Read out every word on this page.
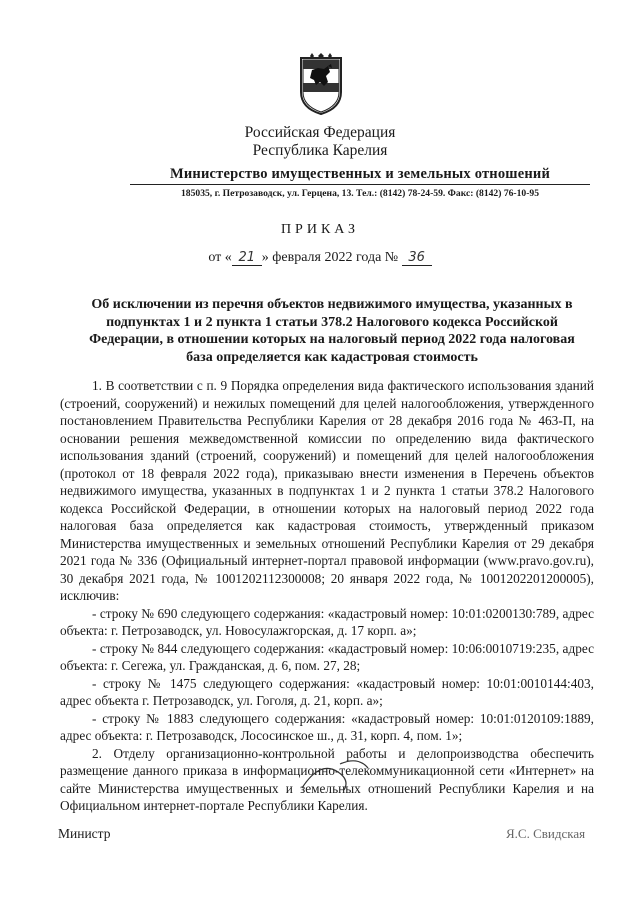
Российская Федерация
Республика Карелия
Министерство имущественных и земельных отношений
185035, г. Петрозаводск, ул. Герцена, 13. Тел.: (8142) 78-24-59. Факс: (8142) 76-10-95
ПРИКАЗ
от « 21 » февраля 2022 года № 36
Об исключении из перечня объектов недвижимого имущества, указанных в подпунктах 1 и 2 пункта 1 статьи 378.2 Налогового кодекса Российской Федерации, в отношении которых на налоговый период 2022 года налоговая база определяется как кадастровая стоимость

1. В соответствии с п. 9 Порядка определения вида фактического использования зданий (строений, сооружений) и нежилых помещений для целей налогообложения, утвержденного постановлением Правительства Республики Карелия от 28 декабря 2016 года № 463-П, на основании решения межведомственной комиссии по определению вида фактического использования зданий (строений, сооружений) и помещений для целей налогообложения (протокол от 18 февраля 2022 года), приказываю внести изменения в Перечень объектов недвижимого имущества, указанных в подпунктах 1 и 2 пункта 1 статьи 378.2 Налогового кодекса Российской Федерации, в отношении которых на налоговый период 2022 года налоговая база определяется как кадастровая стоимость, утвержденный приказом Министерства имущественных и земельных отношений Республики Карелия от 29 декабря 2021 года № 336 (Официальный интернет-портал правовой информации (www.pravo.gov.ru), 30 декабря 2021 года, № 1001202112300008; 20 января 2022 года, № 1001202201200005), исключив:

- строку № 690 следующего содержания: «кадастровый номер: 10:01:0200130:789, адрес объекта: г. Петрозаводск, ул. Новосулажгорская, д. 17 корп. а»;

- строку № 844 следующего содержания: «кадастровый номер: 10:06:0010719:235, адрес объекта: г. Сегежа, ул. Гражданская, д. 6, пом. 27, 28;

- строку № 1475 следующего содержания: «кадастровый номер: 10:01:0010144:403, адрес объекта г. Петрозаводск, ул. Гоголя, д. 21, корп. а»;

- строку № 1883 следующего содержания: «кадастровый номер: 10:01:0120109:1889, адрес объекта: г. Петрозаводск, Лососинское ш., д. 31, корп. 4, пом. 1»;

2. Отделу организационно-контрольной работы и делопроизводства обеспечить размещение данного приказа в информационно-телекоммуникационной сети «Интернет» на сайте Министерства имущественных и земельных отношений Республики Карелия и на Официальном интернет-портале Республики Карелия.

Министр	Я.С. Свидская
